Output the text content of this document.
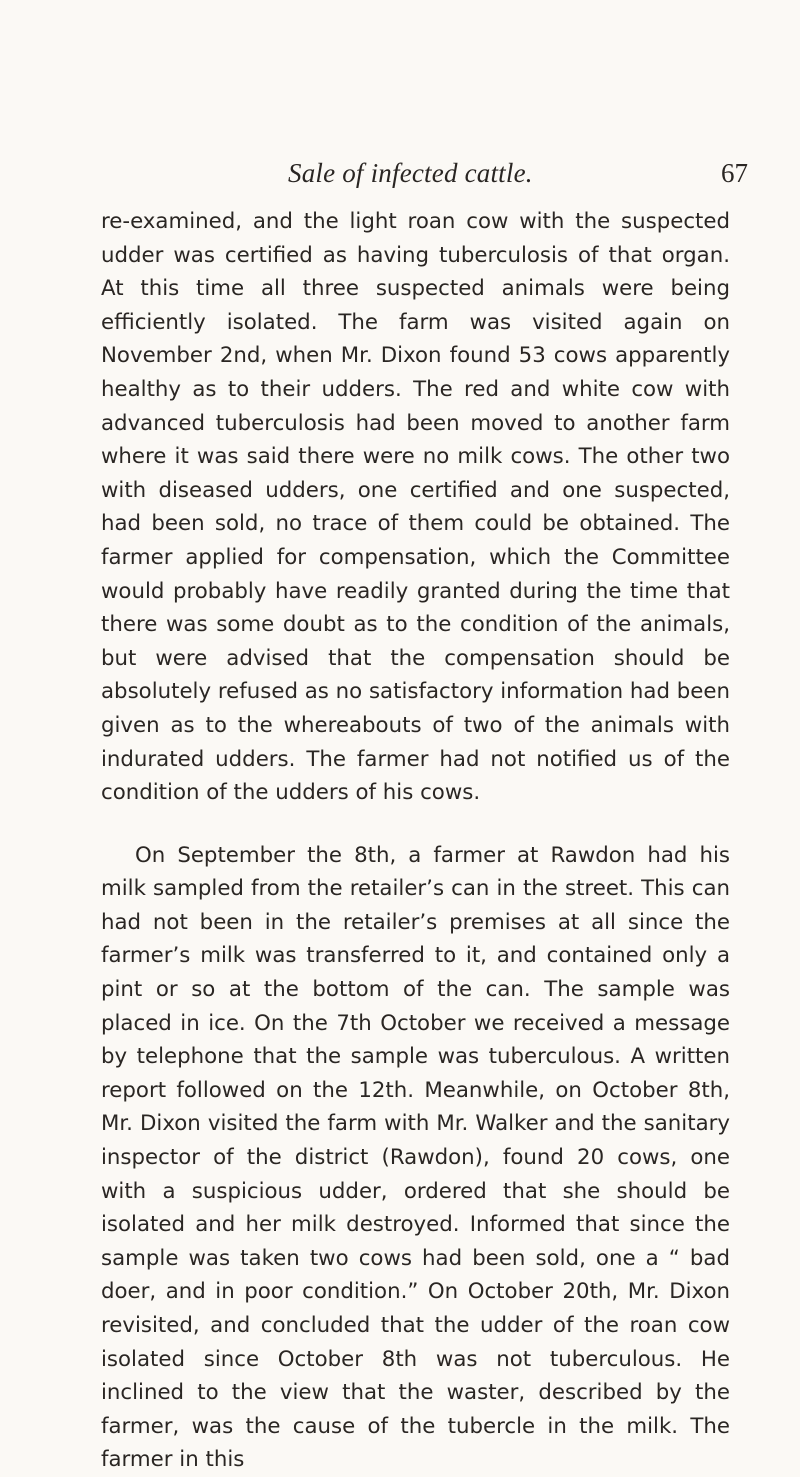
Sale of infected cattle.	67

re-examined, and the light roan cow with the suspected udder was certified as having tuberculosis of that organ. At this time all three suspected animals were being efficiently isolated. The farm was visited again on November 2nd, when Mr. Dixon found 53 cows apparently healthy as to their udders. The red and white cow with advanced tuberculosis had been moved to another farm where it was said there were no milk cows. The other two with diseased udders, one certified and one suspected, had been sold, no trace of them could be obtained. The farmer applied for compensation, which the Committee would probably have readily granted during the time that there was some doubt as to the condition of the animals, but were advised that the compensation should be absolutely refused as no satisfactory information had been given as to the whereabouts of two of the animals with indurated udders. The farmer had not notified us of the condition of the udders of his cows.

On September the 8th, a farmer at Rawdon had his milk sampled from the retailer’s can in the street. This can had not been in the retailer’s premises at all since the farmer’s milk was transferred to it, and contained only a pint or so at the bottom of the can. The sample was placed in ice. On the 7th October we received a message by telephone that the sample was tuberculous. A written report followed on the 12th. Meanwhile, on October 8th, Mr. Dixon visited the farm with Mr. Walker and the sanitary inspector of the district (Rawdon), found 20 cows, one with a suspicious udder, ordered that she should be isolated and her milk destroyed. Informed that since the sample was taken two cows had been sold, one a “ bad doer, and in poor condition.” On October 20th, Mr. Dixon revisited, and concluded that the udder of the roan cow isolated since October 8th was not tuberculous. He inclined to the view that the waster, described by the farmer, was the cause of the tubercle in the milk. The farmer in this
